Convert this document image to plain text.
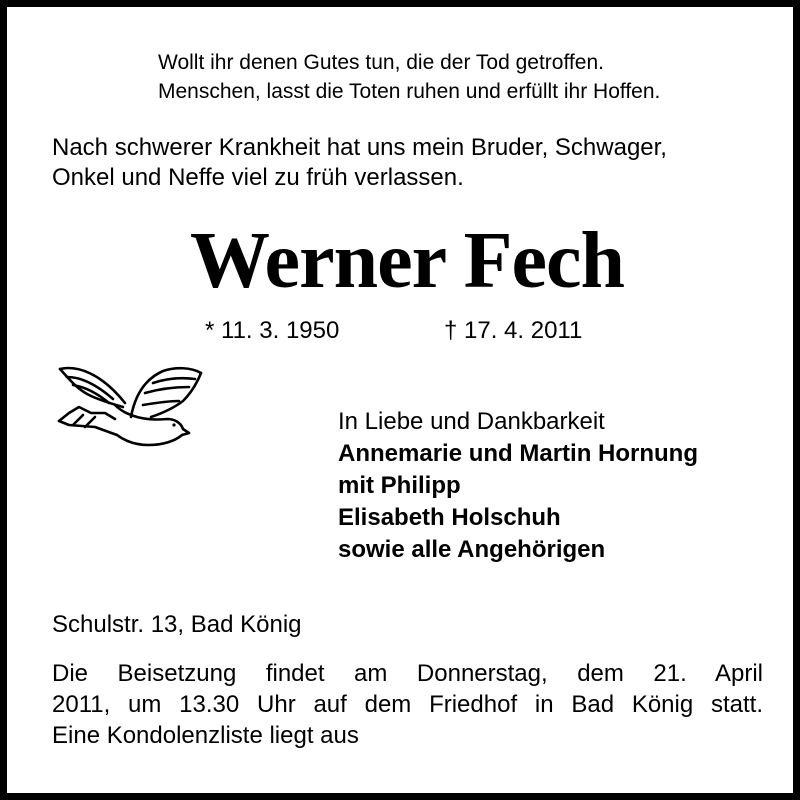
Wollt ihr denen Gutes tun, die der Tod getroffen.
Menschen, lasst die Toten ruhen und erfüllt ihr Hoffen.
Nach schwerer Krankheit hat uns mein Bruder, Schwager,
Onkel und Neffe viel zu früh verlassen.
Werner Fech
* 11. 3. 1950	† 17. 4. 2011
In Liebe und Dankbarkeit
Annemarie und Martin Hornung
mit Philipp
Elisabeth Holschuh
sowie alle Angehörigen
Schulstr. 13, Bad König
Die Beisetzung findet am Donnerstag, dem 21. April
2011, um 13.30 Uhr auf dem Friedhof in Bad König statt.
Eine Kondolenzliste liegt aus
